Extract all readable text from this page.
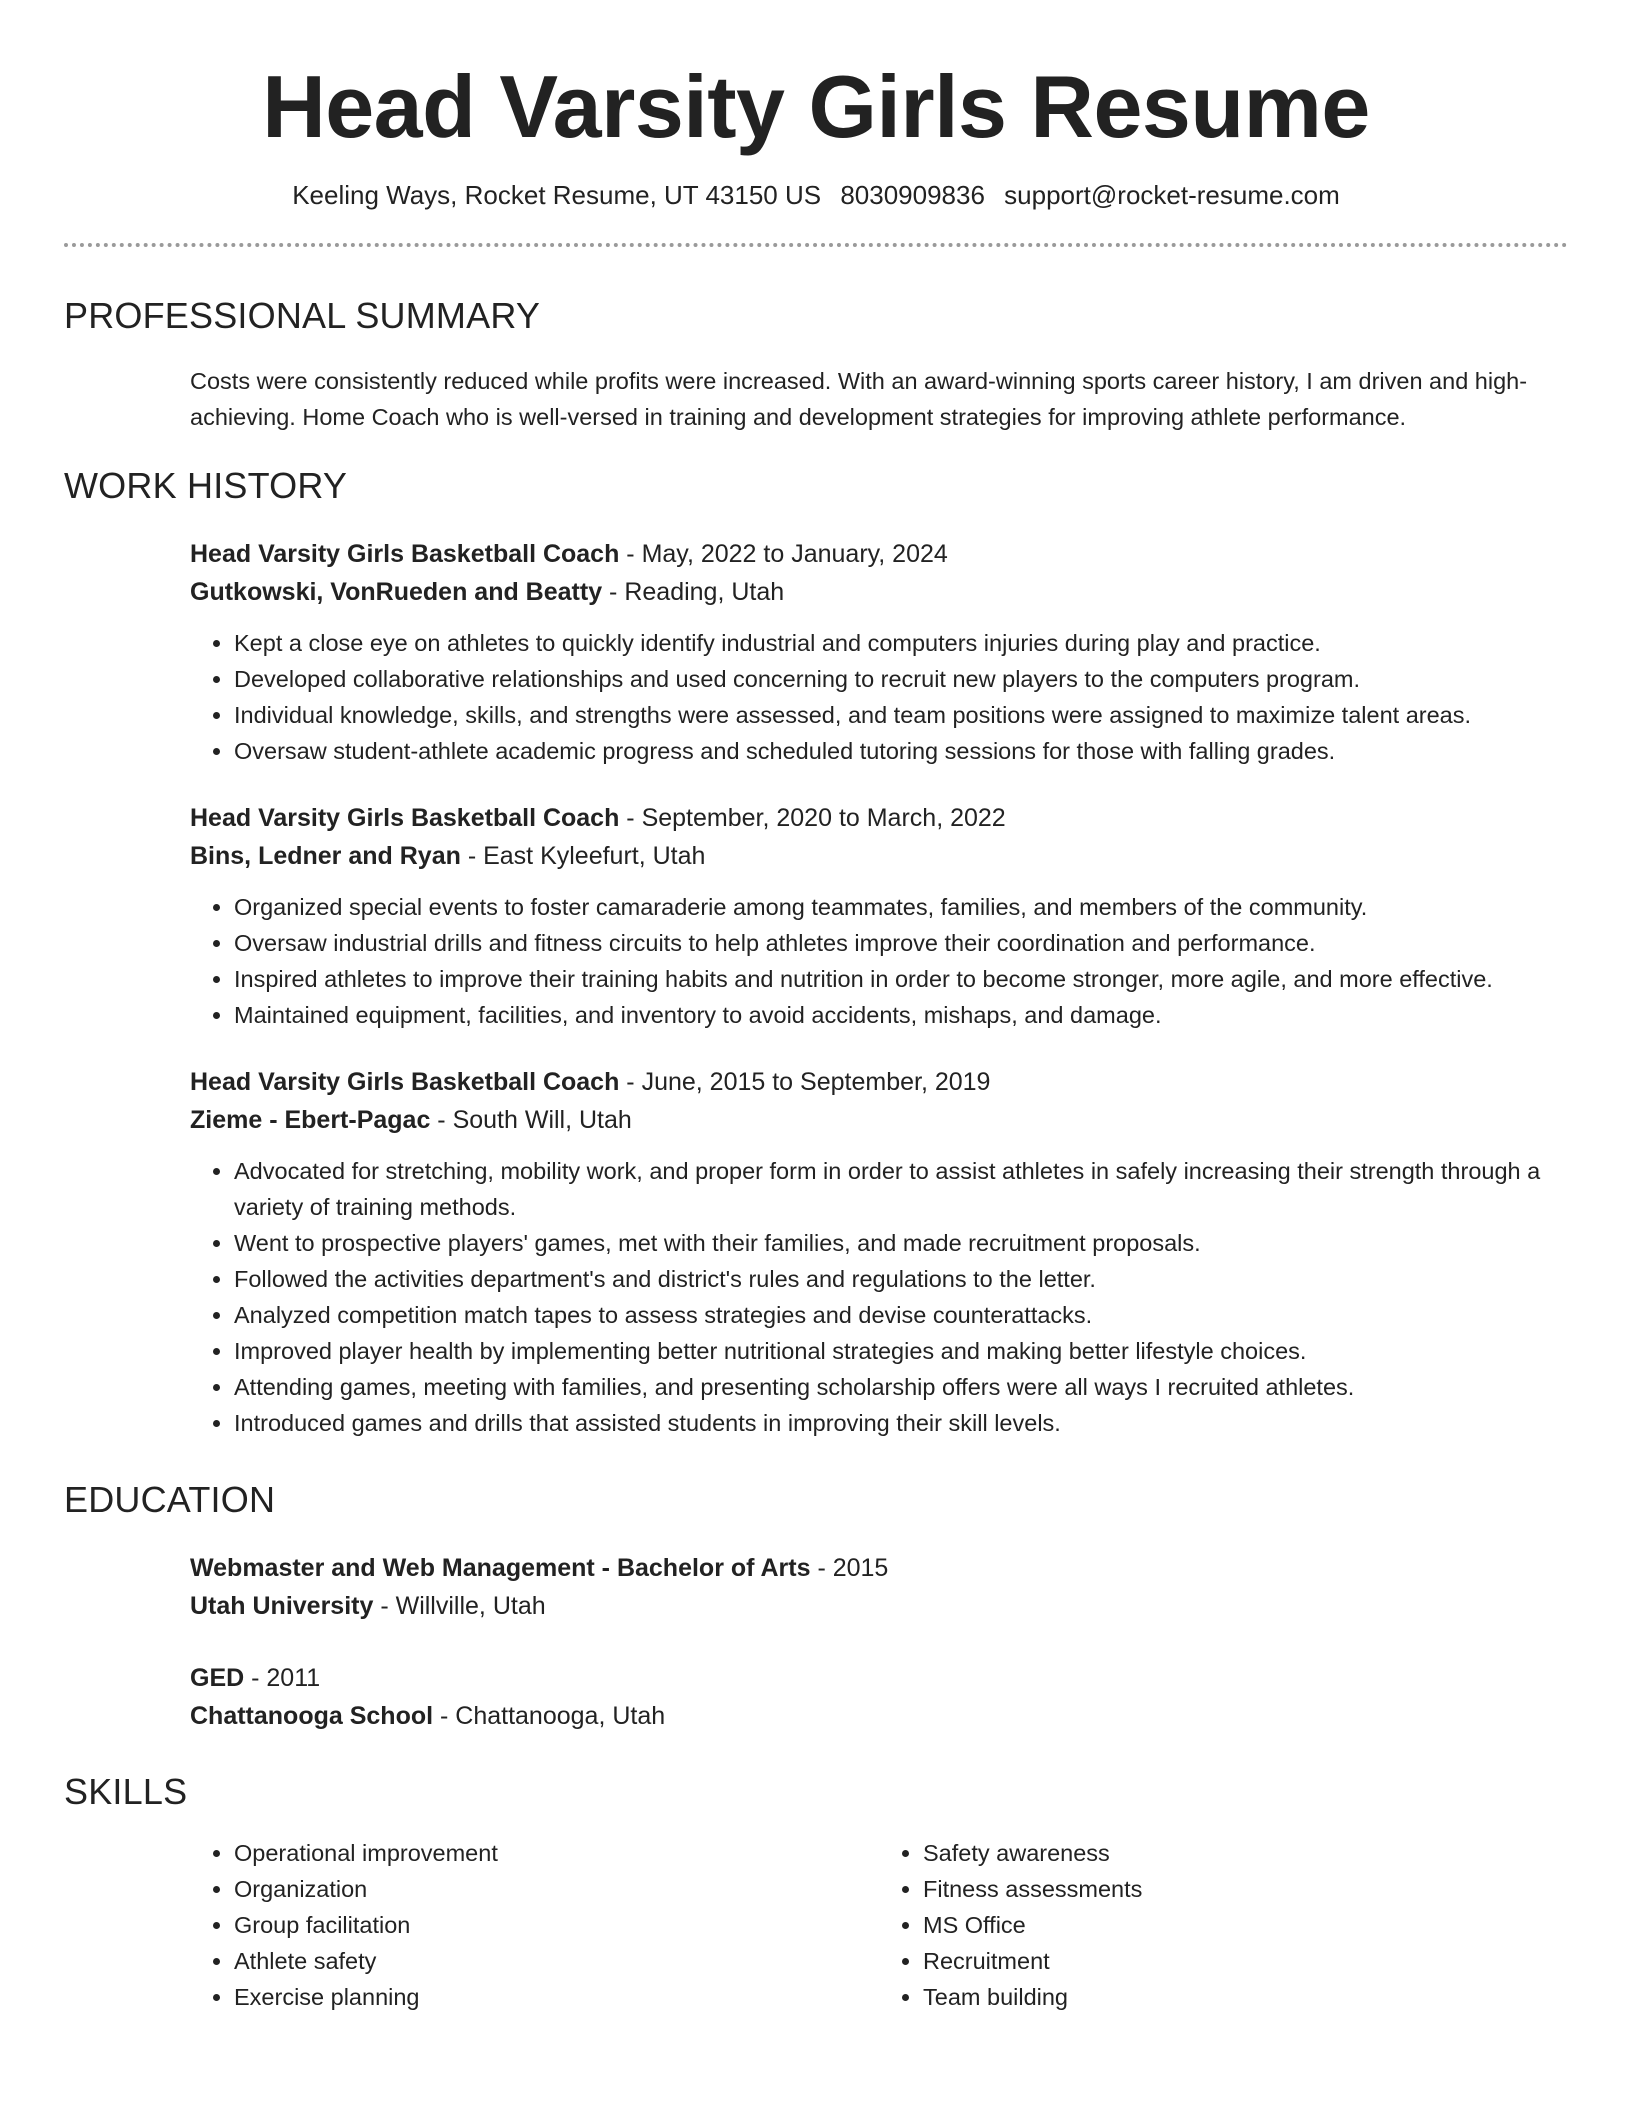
Head Varsity Girls Resume
Keeling Ways, Rocket Resume, UT 43150 US 8030909836 support@rocket-resume.com
PROFESSIONAL SUMMARY
Costs were consistently reduced while profits were increased. With an award-winning sports career history, I am driven and high-achieving. Home Coach who is well-versed in training and development strategies for improving athlete performance.
WORK HISTORY
Head Varsity Girls Basketball Coach - May, 2022 to January, 2024
Gutkowski, VonRueden and Beatty - Reading, Utah
• Kept a close eye on athletes to quickly identify industrial and computers injuries during play and practice.
• Developed collaborative relationships and used concerning to recruit new players to the computers program.
• Individual knowledge, skills, and strengths were assessed, and team positions were assigned to maximize talent areas.
• Oversaw student-athlete academic progress and scheduled tutoring sessions for those with falling grades.
Head Varsity Girls Basketball Coach - September, 2020 to March, 2022
Bins, Ledner and Ryan - East Kyleefurt, Utah
• Organized special events to foster camaraderie among teammates, families, and members of the community.
• Oversaw industrial drills and fitness circuits to help athletes improve their coordination and performance.
• Inspired athletes to improve their training habits and nutrition in order to become stronger, more agile, and more effective.
• Maintained equipment, facilities, and inventory to avoid accidents, mishaps, and damage.
Head Varsity Girls Basketball Coach - June, 2015 to September, 2019
Zieme - Ebert-Pagac - South Will, Utah
• Advocated for stretching, mobility work, and proper form in order to assist athletes in safely increasing their strength through a variety of training methods.
• Went to prospective players' games, met with their families, and made recruitment proposals.
• Followed the activities department's and district's rules and regulations to the letter.
• Analyzed competition match tapes to assess strategies and devise counterattacks.
• Improved player health by implementing better nutritional strategies and making better lifestyle choices.
• Attending games, meeting with families, and presenting scholarship offers were all ways I recruited athletes.
• Introduced games and drills that assisted students in improving their skill levels.
EDUCATION
Webmaster and Web Management - Bachelor of Arts - 2015
Utah University - Willville, Utah
GED - 2011
Chattanooga School - Chattanooga, Utah
SKILLS
• Operational improvement
• Organization
• Group facilitation
• Athlete safety
• Exercise planning
• Safety awareness
• Fitness assessments
• MS Office
• Recruitment
• Team building
